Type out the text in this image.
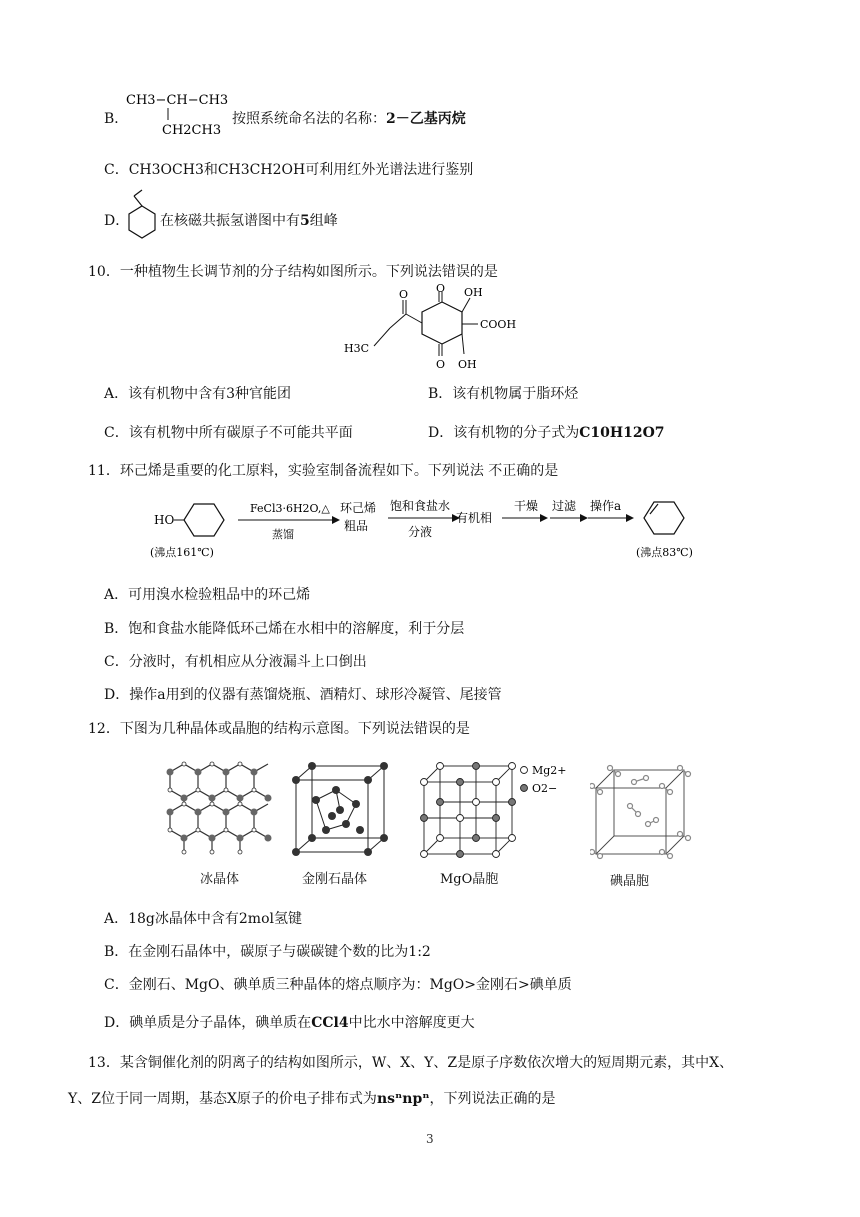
B．
CH3−CH−CH3
CH2CH3
按照系统命名法的名称：2－乙基丙烷
C．CH3OCH3和CH3CH2OH可利用红外光谱法进行鉴别
D． 在核磁共振氢谱图中有5组峰
10．一种植物生长调节剂的分子结构如图所示。下列说法错误的是
O OH
COOH
O OH
O
H3C
A．该有机物中含有3种官能团	B．该有机物属于脂环烃
C．该有机物中所有碳原子不可能共平面	D．该有机物的分子式为C10H12O7
11．环己烯是重要的化工原料，实验室制备流程如下。下列说法 不正确的是
HO
(沸点161℃)
FeCl3·6H2O,△
蒸馏
环己烯
粗品
饱和食盐水
分液
有机相
干燥 过滤 操作a
(沸点83℃)
A．可用溴水检验粗品中的环己烯
B．饱和食盐水能降低环己烯在水相中的溶解度，利于分层
C．分液时，有机相应从分液漏斗上口倒出
D．操作a用到的仪器有蒸馏烧瓶、酒精灯、球形冷凝管、尾接管
12．下图为几种晶体或晶胞的结构示意图。下列说法错误的是
冰晶体	金刚石晶体
Mg2+
O2−
MgO晶胞	碘晶胞
A．18g冰晶体中含有2mol氢键
B．在金刚石晶体中，碳原子与碳碳键个数的比为1:2
C．金刚石、MgO、碘单质三种晶体的熔点顺序为：MgO>金刚石>碘单质
D．碘单质是分子晶体，碘单质在CCl4中比水中溶解度更大
13．某含铜催化剂的阴离子的结构如图所示，W、X、Y、Z是原子序数依次增大的短周期元素，其中X、
Y、Z位于同一周期，基态X原子的价电子排布式为nsⁿnpⁿ，下列说法正确的是
3
